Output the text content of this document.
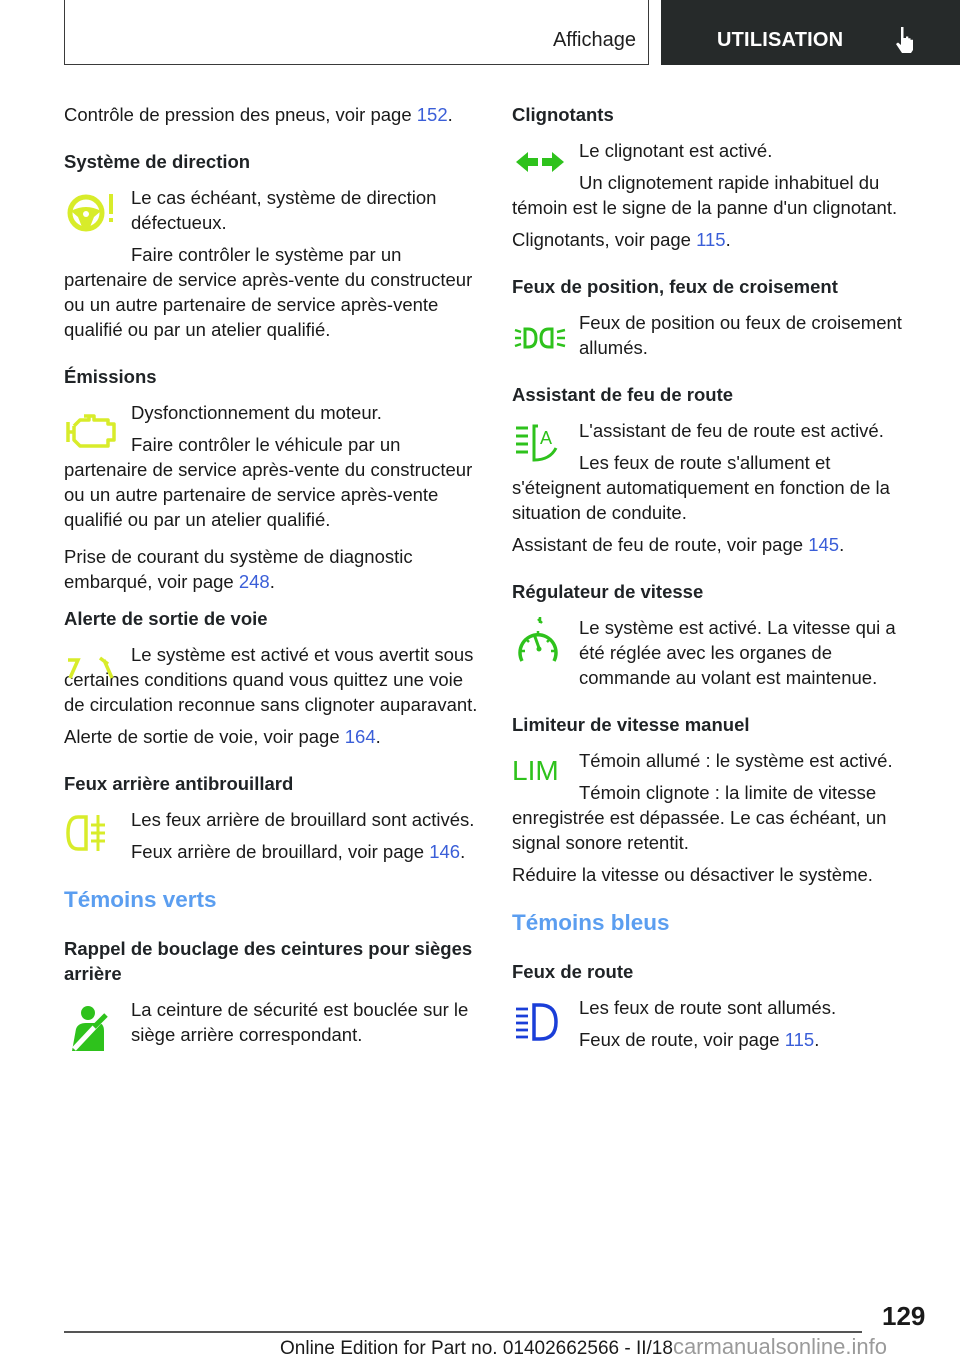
Affichage	UTILISATION

Contrôle de pression des pneus, voir page 152.

Système de direction

Le cas échéant, système de direction défectueux.

Faire contrôler le système par un partenaire de service après-vente du constructeur ou un autre partenaire de service après-vente qualifié ou par un atelier qualifié.

Émissions

Dysfonctionnement du moteur.

Faire contrôler le véhicule par un partenaire de service après-vente du constructeur ou un autre partenaire de service après-vente qualifié ou par un atelier qualifié.

Prise de courant du système de diagnostic embarqué, voir page 248.

Alerte de sortie de voie

Le système est activé et vous avertit sous certaines conditions quand vous quittez une voie de circulation reconnue sans clignoter auparavant.

Alerte de sortie de voie, voir page 164.

Feux arrière antibrouillard

Les feux arrière de brouillard sont activés.

Feux arrière de brouillard, voir page 146.

Témoins verts
Rappel de bouclage des ceintures pour sièges arrière

La ceinture de sécurité est bouclée sur le siège arrière correspondant.

Clignotants

Le clignotant est activé.

Un clignotement rapide inhabituel du témoin est le signe de la panne d'un clignotant.

Clignotants, voir page 115.

Feux de position, feux de croisement

Feux de position ou feux de croisement allumés.

Assistant de feu de route
A	L'assistant de feu de route est activé.

Les feux de route s'allument et s'éteignent automatiquement en fonction de la situation de conduite.

Assistant de feu de route, voir page 145.

Régulateur de vitesse

Le système est activé. La vitesse qui a été réglée avec les organes de commande au volant est maintenue.

Limiteur de vitesse manuel
LIM	Témoin allumé : le système est activé.

Témoin clignote : la limite de vitesse enregistrée est dépassée. Le cas échéant, un signal sonore retentit.

Réduire la vitesse ou désactiver le système.

Témoins bleus
Feux de route

Les feux de route sont allumés.

Feux de route, voir page 115.

129
Online Edition for Part no. 01402662566 - II/18carmanualsonline.info
